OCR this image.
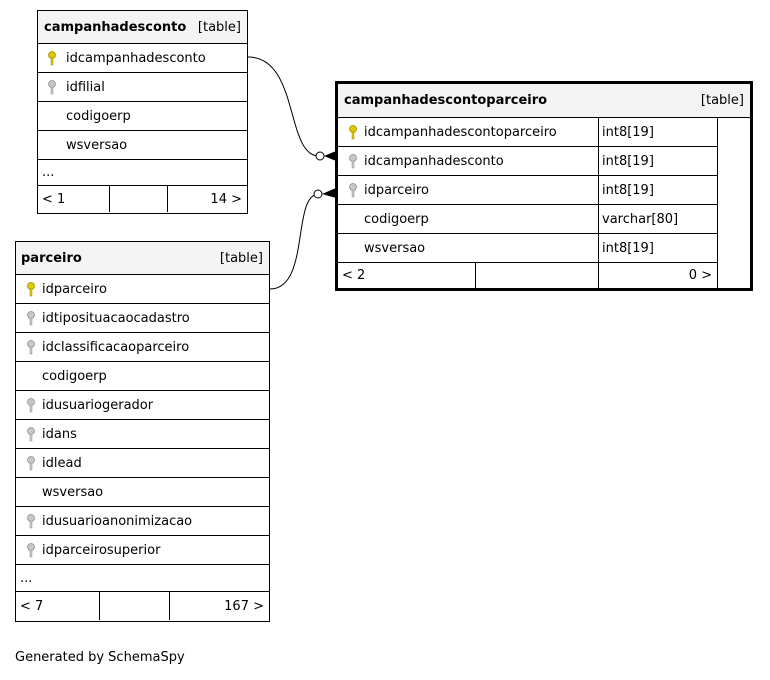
campanhadesconto [table]
idcampanhadesconto
idfilial
codigoerp
wsversao
...
< 1	14 >
parceiro	[table]
idparceiro
idtiposituacaocadastro
idclassificacaoparceiro
codigoerp
idusuariogerador
idans
idlead
wsversao
idusuarioanonimizacao
idparceirosuperior
...
< 7	167 >
campanhadescontoparceiro	[table]
idcampanhadescontoparceiro	int8[19]
idcampanhadesconto	int8[19]
idparceiro	int8[19]
codigoerp	varchar[80]
wsversao	int8[19]
< 2	0 >
Generated by SchemaSpy
